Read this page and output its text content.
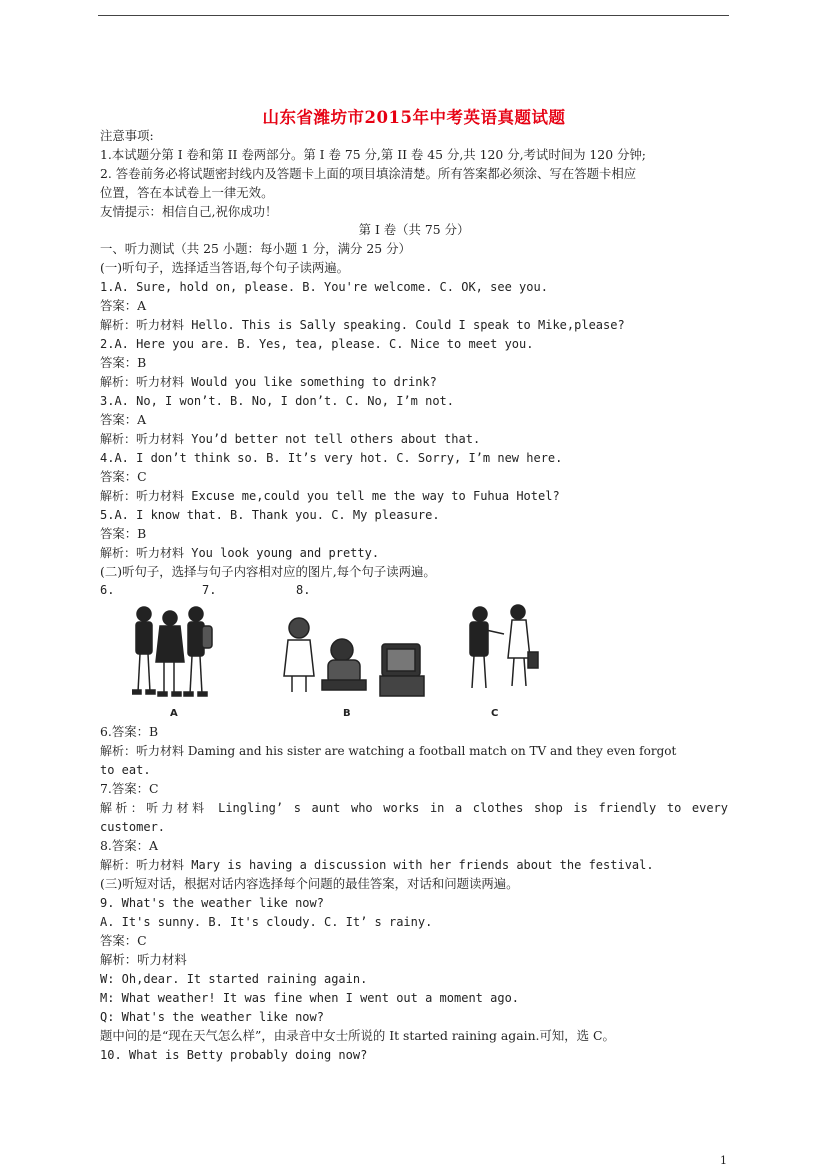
山东省潍坊市2015年中考英语真题试题
注意事项:
1.本试题分第 I 卷和第 II 卷两部分。第 I 卷 75 分,第 II 卷 45 分,共 120 分,考试时间为 120 分钟;
2. 答卷前务必将试题密封线内及答题卡上面的项目填涂清楚。所有答案都必须涂、写在答题卡相应
位置，答在本试卷上一律无效。
友情提示：相信自己,祝你成功！
第 I 卷（共 75 分）
一、听力测试（共 25 小题：每小题 1 分，满分 25 分）
(一)听句子，选择适当答语,每个句子读两遍。
1.A. Sure, hold on, please. B. You're welcome. C. OK, see you.
答案：A
解析：听力材料 Hello. This is Sally speaking. Could I speak to Mike,please?
2.A. Here you are. B. Yes, tea, please. C. Nice to meet you.
答案：B
解析：听力材料 Would you like something to drink?
3.A. No, I won’t. B. No, I don’t. C. No, I’m not.
答案：A
解析：听力材料 You’d better not tell others about that.
4.A. I don’t think so. B. It’s very hot. C. Sorry, I’m new here.
答案：C
解析：听力材料 Excuse me,could you tell me the way to Fuhua Hotel?
5.A. I know that. B. Thank you. C. My pleasure.
答案：B
解析：听力材料 You look young and pretty.
(二)听句子，选择与句子内容相对应的图片,每个句子读两遍。
6.	7.	8.
A	B	C
6.答案：B
解析：听力材料 Daming and his sister are watching a football match on TV and they even forgot
to eat.
7.答案：C
解析：听力材料 Lingling’ s aunt who works in a clothes shop is friendly to every
customer.
8.答案：A
解析：听力材料 Mary is having a discussion with her friends about the festival.
(三)听短对话，根据对话内容选择每个问题的最佳答案，对话和问题读两遍。
9. What's the weather like now?
A. It's sunny. B. It's cloudy. C. It’ s rainy.
答案：C
解析：听力材料
W: Oh,dear. It started raining again.
M: What weather! It was fine when I went out a moment ago.
Q: What's the weather like now?
题中问的是“现在天气怎么样”，由录音中女士所说的 It started raining again.可知，选 C。
10. What is Betty probably doing now?
1
